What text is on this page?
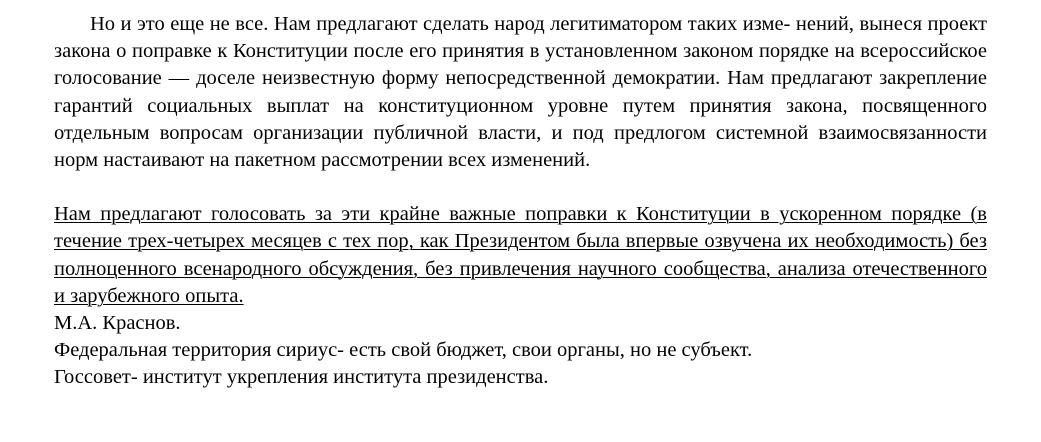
Но и это еще не все. Нам предлагают сделать народ легитиматором таких изме- нений, вынеся проект закона о поправке к Конституции после его принятия в установленном законом порядке на всероссийское голосование — доселе неизвестную форму непосредственной демократии. Нам предлагают закрепление гарантий социальных выплат на конституционном уровне путем принятия закона, посвященного отдельным вопросам организации публичной власти, и под предлогом системной взаимосвязанности норм настаивают на пакетном рассмотрении всех изменений.

Нам предлагают голосовать за эти крайне важные поправки к Конституции в ускоренном порядке (в течение трех-четырех месяцев с тех пор, как Президентом была впервые озвучена их необходимость) без полноценного всенародного обсуждения, без привлечения научного сообщества, анализа отечественного и зарубежного опыта.

М.А. Краснов.

Федеральная территория сириус- есть свой бюджет, свои органы, но не субъект.

Госсовет- институт укрепления института президенства.
